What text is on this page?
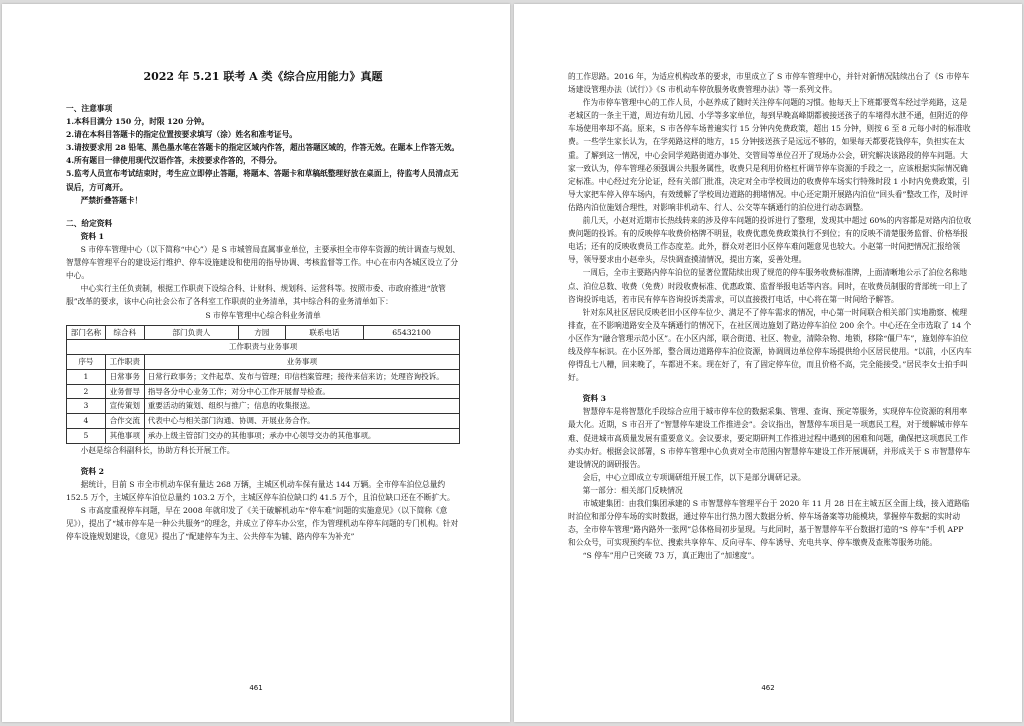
2022 年 5.21 联考 A 类《综合应用能力》真题

一、注意事项

1.本科目满分 150 分，时限 120 分钟。

2.请在本科目答题卡的指定位置按要求填写（涂）姓名和准考证号。

3.请按要求用 28 铅笔、黑色墨水笔在答题卡的指定区域内作答，超出答题区域的，作答无效。在题本上作答无效。

4.所有题目一律使用现代汉语作答，未按要求作答的，不得分。

5.监考人员宣布考试结束时，考生应立即停止答题，将题本、答题卡和草稿纸整理好放在桌面上，待监考人员清点无误后，方可离开。

严禁折叠答题卡！

二、给定资料

资料 1

S 市停车管理中心（以下简称“中心”）是 S 市城管局直属事业单位，主要承担全市停车资源的统计调查与规划、智慧停车管理平台的建设运行维护、停车设施建设和使用的指导协调、考核监督等工作。中心在市内各城区设立了分中心。

中心实行主任负责制，根据工作职责下设综合科、计财科、规划科、运营科等。按照市委、市政府推进“放管服”改革的要求，该中心向社会公布了各科室工作职责的业务清单，其中综合科的业务清单如下：

S 市停车管理中心综合科业务清单

部门名称	综合科	部门负责人	方园	联系电话	65432100
工作职责与业务事项					
序号	工作职责	业务事项			
1	日常事务	日常行政事务；文件起草、发布与管理；印信档案管理；接待来信来访；处理咨询投诉。			
2	业务督导	指导各分中心业务工作；对分中心工作开展督导检查。			
3	宣传策划	重要活动的策划、组织与推广；信息的收集报送。			
4	合作交流	代表中心与相关部门沟通、协调、开展业务合作。			
5	其他事项	承办上级主管部门交办的其他事项；承办中心领导交办的其他事项。			

小赵是综合科副科长，协助方科长开展工作。

资料 2

据统计，目前 S 市全市机动车保有量达 268 万辆，主城区机动车保有量达 144 万辆。全市停车泊位总量约 152.5 万个，主城区停车泊位总量约 103.2 万个，主城区停车泊位缺口约 41.5 万个，且泊位缺口还在不断扩大。

S 市高度重视停车问题，早在 2008 年就印发了《关于破解机动车“停车难”问题的实施意见》（以下简称《意见》），提出了“城市停车是一种公共服务”的理念，并成立了停车办公室，作为管理机动车停车问题的专门机构。针对停车设施规划建设，《意见》提出了“配建停车为主、公共停车为辅、路内停车为补充”

461

的工作思路。2016 年，为适应机构改革的要求，市里成立了 S 市停车管理中心，并针对新情况陆续出台了《S 市停车场建设管理办法（试行）》《S 市机动车停放服务收费管理办法》等一系列文件。

作为市停车管理中心的工作人员，小赵养成了随时关注停车问题的习惯。他每天上下班都要驾车经过学苑路，这是老城区的一条主干道，周边有幼儿园、小学等多家单位，每到早晚高峰期都被接送孩子的车堵得水泄不通，但附近的停车场使用率却不高。原来，S 市各停车场普遍实行 15 分钟内免费政策，超出 15 分钟，则按 6 至 8 元每小时的标准收费。一些学生家长认为，在学苑路这样的地方，15 分钟接送孩子是远远不够的，如果每天都要花钱停车，负担实在太重。了解到这一情况，中心会同学苑路街道办事处、交管局等单位召开了现场办公会，研究解决该路段的停车问题。大家一致认为，停车管理必须强调公共服务属性，收费只是利用价格杠杆调节停车资源的手段之一，应该根据实际情况确定标准。中心经过充分论证，经有关部门批准，决定对全市学校周边的收费停车场实行特殊时段 1 小时内免费政策，引导大家把车停入停车场内，有效缓解了学校周边道路的拥堵情况。中心还定期开展路内泊位“回头看”整改工作，及时评估路内泊位施划合理性，对影响非机动车、行人、公交等车辆通行的泊位进行动态调整。

前几天，小赵对近期市长热线转来的涉及停车问题的投诉进行了整理，发现其中超过 60%的内容都是对路内泊位收费问题的投诉。有的反映停车收费价格牌不明显，收费优惠免费政策执行不到位；有的反映不清楚服务监督、价格举报电话；还有的反映收费员工作态度差。此外，群众对老旧小区停车难问题意见也较大。小赵第一时间把情况汇报给领导，领导要求由小赵牵头，尽快调查摸清情况，提出方案，妥善处理。

一周后，全市主要路内停车泊位的显著位置陆续出现了规范的停车服务收费标准牌，上面清晰地公示了泊位名称地点、泊位总数、收费（免费）时段收费标准、优惠政策、监督举报电话等内容。同时，在收费员制服的背部统一印上了咨询投诉电话，若市民有停车咨询投诉类需求，可以直接拨打电话，中心将在第一时间给予解答。

针对东风社区居民反映老旧小区停车位少、满足不了停车需求的情况，中心第一时间联合相关部门实地勘察、梳理排查，在不影响道路安全及车辆通行的情况下，在社区周边施划了路边停车泊位 200 余个。中心还在全市选取了 14 个小区作为“融合管理示范小区”。在小区内部，联合街道、社区、物业，清除杂物、地锁，移除“僵尸车”，施划停车泊位线及停车标识。在小区外部，整合周边道路停车泊位资源，协调周边单位停车场提供给小区居民使用。“以前，小区内车停得乱七八糟，回来晚了，车都进不来。现在好了，有了固定停车位，而且价格不高，完全能接受。”居民李女士拍手叫好。

资料 3

智慧停车是将智慧化手段综合应用于城市停车位的数据采集、管理、查询、预定等服务，实现停车位资源的利用率最大化。近期，S 市召开了“智慧停车建设工作推进会”。会议指出，智慧停车项目是一项惠民工程，对于缓解城市停车难、促进城市高质量发展有重要意义。会议要求，要定期研判工作推进过程中遇到的困难和问题，确保把这项惠民工作办实办好。根据会议部署，S 市停车管理中心负责对全市范围内智慧停车建设工作开展调研，并形成关于 S 市智慧停车建设情况的调研报告。

会后，中心立即成立专项调研组开展工作，以下是部分调研记录。

第一部分：相关部门反映情况

市城建集团：由我们集团承建的 S 市智慧停车管理平台于 2020 年 11 月 28 日在主城五区全面上线，接入道路临时泊位和部分停车场的实时数据，通过停车出行热力图大数据分析、停车场备案等功能模块，掌握停车数据的实时动态，全市停车管理“路内路外一张网”总体格局初步显现。与此同时，基于智慧停车平台数据打造的“S 停车”手机 APP 和公众号，可实现预约车位、搜索共享停车、反向寻车、停车诱导、充电共享、停车缴费及查账等服务功能。

“S 停车”用户已突破 73 万，真正跑出了“加速度”。

462
